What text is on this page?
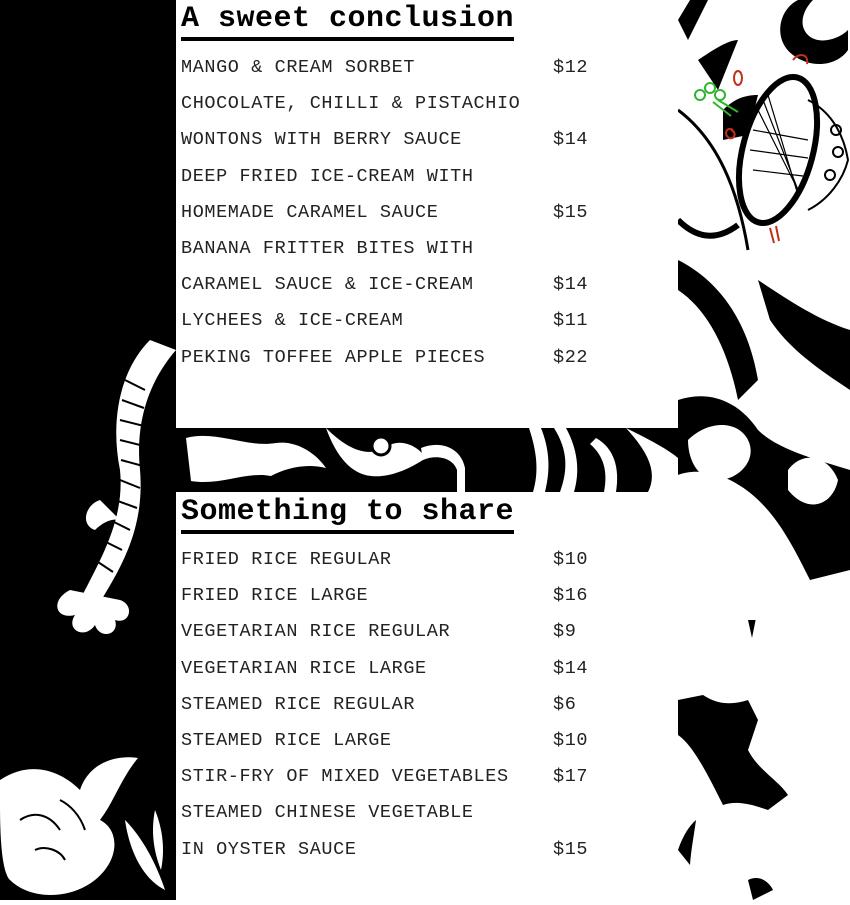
A sweet conclusion
MANGO & CREAM SORBET	$12
CHOCOLATE, CHILLI & PISTACHIO
WONTONS WITH BERRY SAUCE	$14
DEEP FRIED ICE-CREAM WITH
HOMEMADE CARAMEL SAUCE	$15
BANANA FRITTER BITES WITH
CARAMEL SAUCE & ICE-CREAM	$14
LYCHEES & ICE-CREAM	$11
PEKING TOFFEE APPLE PIECES	$22
Something to share
FRIED RICE REGULAR	$10
FRIED RICE LARGE	$16
VEGETARIAN RICE REGULAR	$9
VEGETARIAN RICE LARGE	$14
STEAMED RICE REGULAR	$6
STEAMED RICE LARGE	$10
STIR-FRY OF MIXED VEGETABLES $17
STEAMED CHINESE VEGETABLE
IN OYSTER SAUCE	$15
